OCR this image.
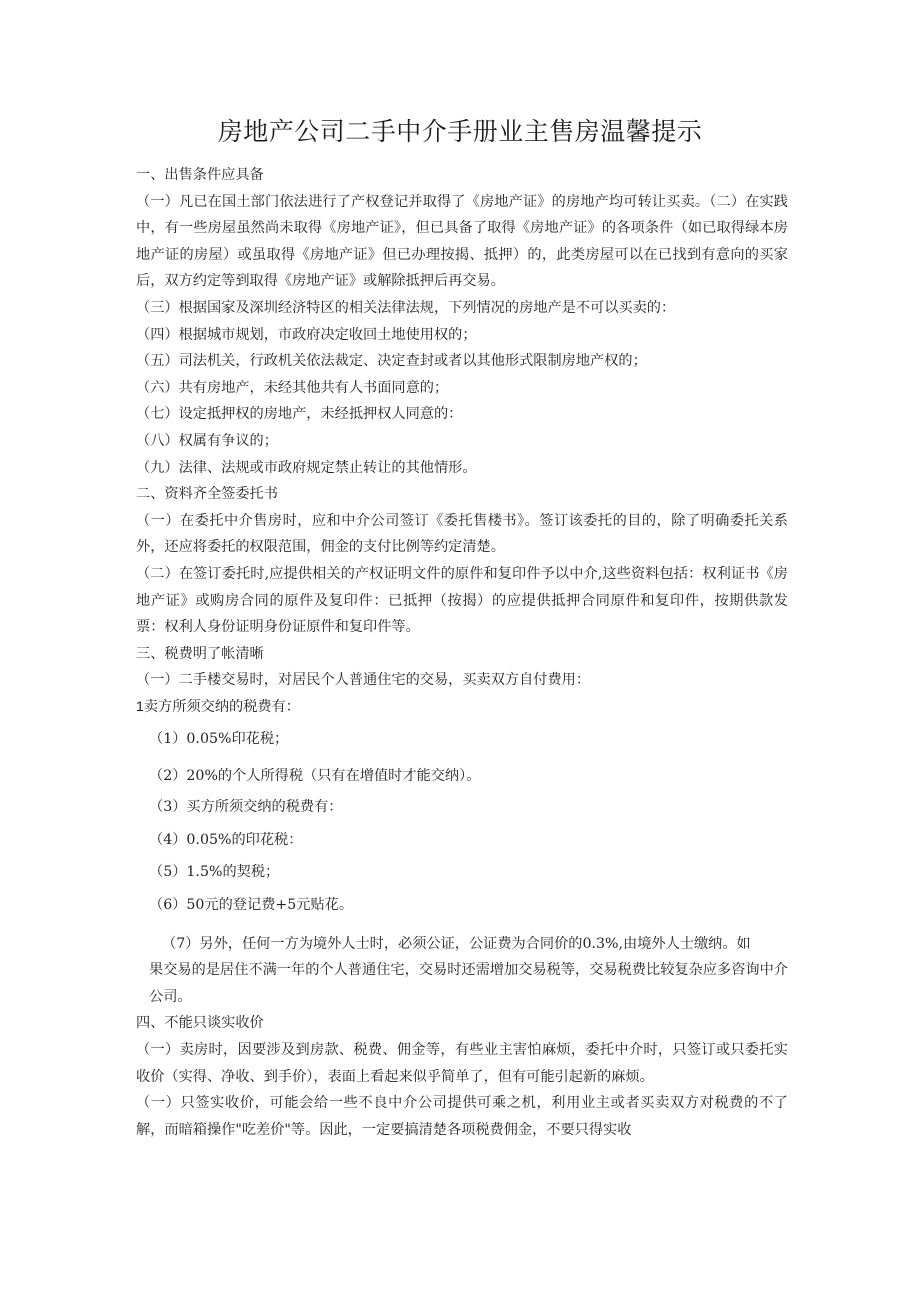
房地产公司二手中介手册业主售房温馨提示

一、出售条件应具备

（一）凡已在国土部门依法进行了产权登记并取得了《房地产证》的房地产均可转让买卖。（二）在实践中，有一些房屋虽然尚未取得《房地产证》，但已具备了取得《房地产证》的各项条件（如已取得绿本房地产证的房屋）或虽取得《房地产证》但已办理按揭、抵押）的，此类房屋可以在已找到有意向的买家后，双方约定等到取得《房地产证》或解除抵押后再交易。

（三）根据国家及深圳经济特区的相关法律法规，下列情况的房地产是不可以买卖的：

（四）根据城市规划，市政府决定收回土地使用权的；

（五）司法机关，行政机关依法裁定、决定查封或者以其他形式限制房地产权的；

（六）共有房地产，未经其他共有人书面同意的；

（七）设定抵押权的房地产，未经抵押权人同意的：

（八）权属有争议的；

（九）法律、法规或市政府规定禁止转让的其他情形。

二、资料齐全签委托书

（一）在委托中介售房时，应和中介公司签订《委托售楼书》。签订该委托的目的，除了明确委托关系外，还应将委托的权限范围，佣金的支付比例等约定清楚。

（二）在签订委托时,应提供相关的产权证明文件的原件和复印件予以中介,这些资料包括：权利证书《房地产证》或购房合同的原件及复印件：已抵押（按揭）的应提供抵押合同原件和复印件，按期供款发票：权利人身份证明身份证原件和复印件等。

三、税费明了帐清晰

（一）二手楼交易时，对居民个人普通住宅的交易，买卖双方自付费用：

1卖方所须交纳的税费有：

（1）0.05%印花税；

（2）20%的个人所得税（只有在增值时才能交纳）。

（3）买方所须交纳的税费有：

（4）0.05%的印花税：

（5）1.5%的契税；

（6）50元的登记费+5元贴花。

（7）另外，任何一方为境外人士时，必须公证，公证费为合同价的0.3%,由境外人士缴纳。如
果交易的是居住不满一年的个人普通住宅，交易时还需增加交易税等，交易税费比较复杂应多咨询中介公司。

四、不能只谈实收价

（一）卖房时，因要涉及到房款、税费、佣金等，有些业主害怕麻烦，委托中介时，只签订或只委托实收价（实得、净收、到手价），表面上看起来似乎简单了，但有可能引起新的麻烦。

（一）只签实收价，可能会给一些不良中介公司提供可乘之机，利用业主或者买卖双方对税费的不了解，而暗箱操作"吃差价"等。因此，一定要搞清楚各项税费佣金，不要只得实收
